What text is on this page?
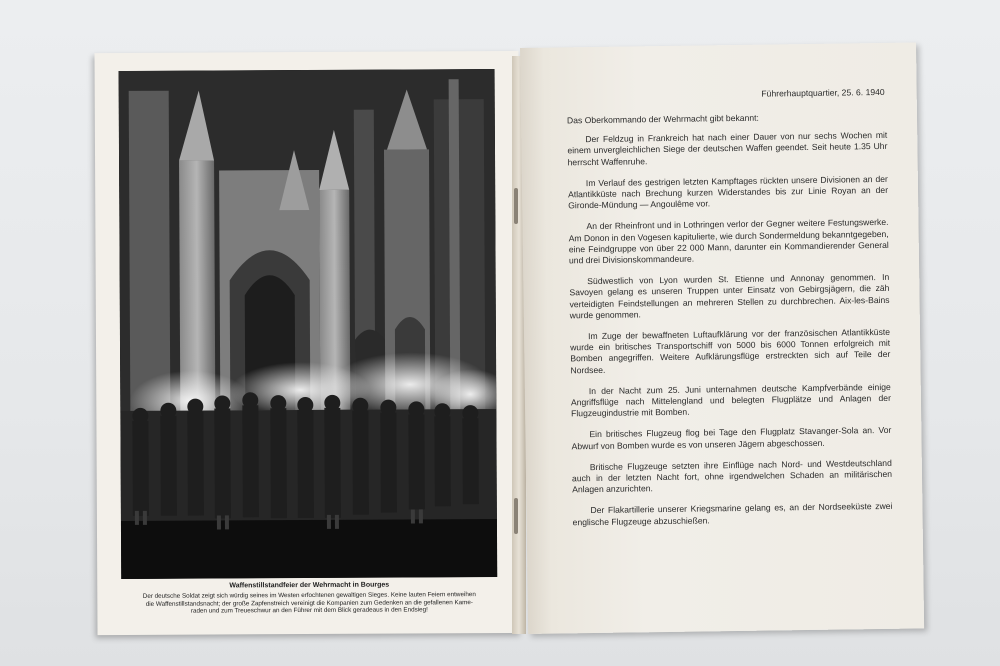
Waffenstillstandfeier der Wehrmacht in Bourges
Der deutsche Soldat zeigt sich würdig seines im Westen erfochtenen gewaltigen Sieges. Keine lauten Feiern entweihen
die Waffenstillstandsnacht; der große Zapfenstreich vereinigt die Kompanien zum Gedenken an die gefallenen Kame-
raden und zum Treueschwur an den Führer mit dem Blick geradeaus in den Endsieg!
Führerhauptquartier, 25. 6. 1940
Das Oberkommando der Wehrmacht gibt bekannt:

Der Feldzug in Frankreich hat nach einer Dauer von nur sechs Wochen mit einem unvergleichlichen Siege der deutschen Waffen geendet. Seit heute 1.35 Uhr herrscht Waffenruhe.

Im Verlauf des gestrigen letzten Kampftages rückten unsere Divisionen an der Atlantikküste nach Brechung kurzen Widerstandes bis zur Linie Royan an der Gironde-Mündung — Angoulême vor.

An der Rheinfront und in Lothringen verlor der Gegner weitere Festungswerke. Am Donon in den Vogesen kapitulierte, wie durch Sondermeldung bekanntgegeben, eine Feindgruppe von über 22 000 Mann, darunter ein Kommandierender General und drei Divisionskommandeure.

Südwestlich von Lyon wurden St. Etienne und Annonay genommen. In Savoyen gelang es unseren Truppen unter Einsatz von Gebirgsjägern, die zäh verteidigten Feindstellungen an mehreren Stellen zu durchbrechen. Aix-les-Bains wurde genommen.

Im Zuge der bewaffneten Luftaufklärung vor der französischen Atlantikküste wurde ein britisches Transportschiff von 5000 bis 6000 Tonnen erfolgreich mit Bomben angegriffen. Weitere Aufklärungsflüge erstreckten sich auf Teile der Nordsee.

In der Nacht zum 25. Juni unternahmen deutsche Kampfverbände einige Angriffsflüge nach Mittelengland und belegten Flugplätze und Anlagen der Flugzeugindustrie mit Bomben.

Ein britisches Flugzeug flog bei Tage den Flugplatz Stavanger-Sola an. Vor Abwurf von Bomben wurde es von unseren Jägern abgeschossen.

Britische Flugzeuge setzten ihre Einflüge nach Nord- und Westdeutschland auch in der letzten Nacht fort, ohne irgendwelchen Schaden an militärischen Anlagen anzurichten.

Der Flakartillerie unserer Kriegsmarine gelang es, an der Nordseeküste zwei englische Flugzeuge abzuschießen.
